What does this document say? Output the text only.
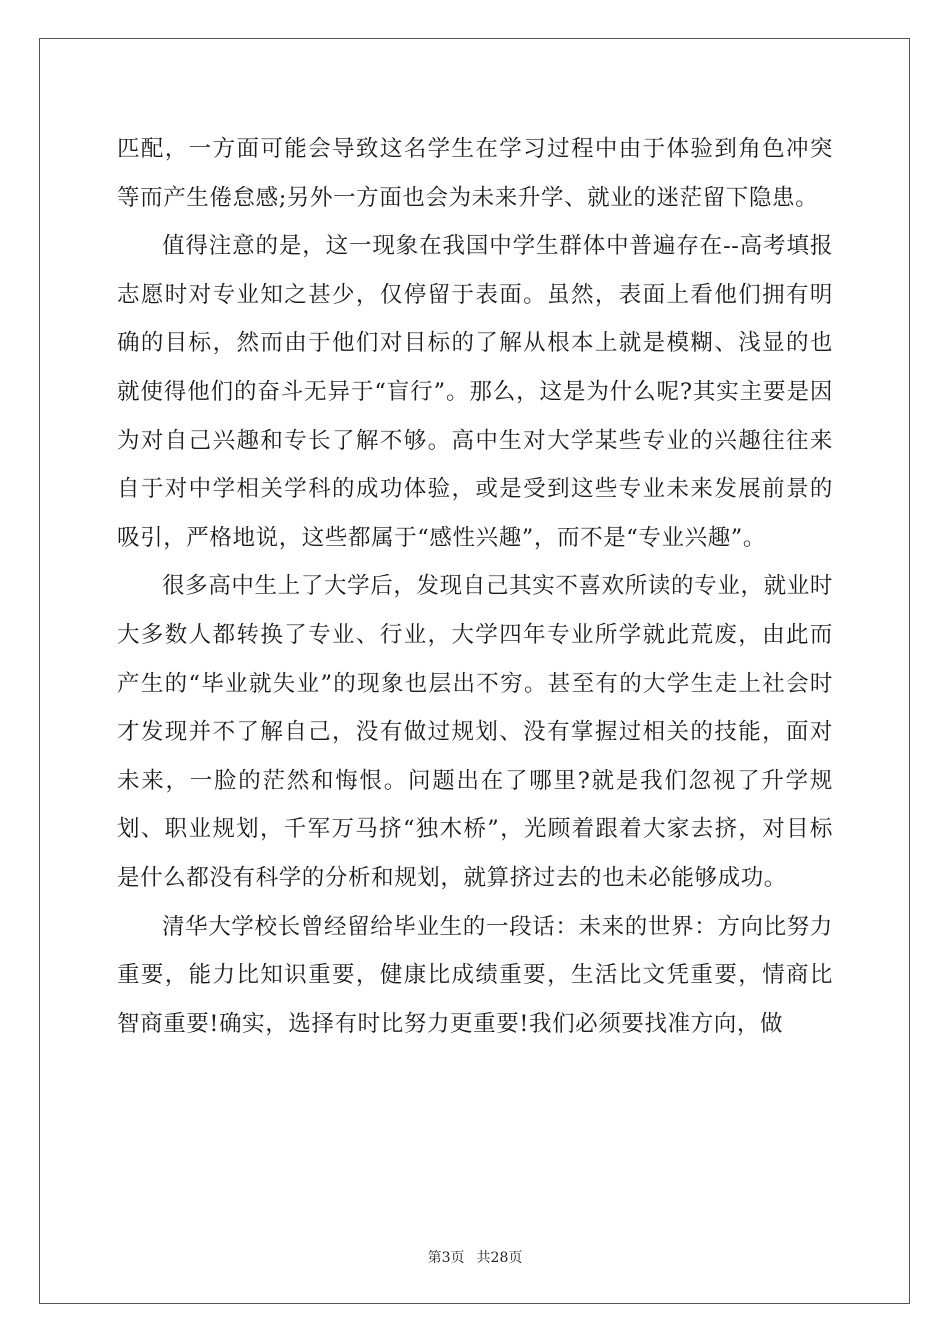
匹配，一方面可能会导致这名学生在学习过程中由于体验到角色冲突等而产生倦怠感;另外一方面也会为未来升学、就业的迷茫留下隐患。

值得注意的是，这一现象在我国中学生群体中普遍存在--高考填报志愿时对专业知之甚少，仅停留于表面。虽然，表面上看他们拥有明确的目标，然而由于他们对目标的了解从根本上就是模糊、浅显的也就使得他们的奋斗无异于“盲行”。那么，这是为什么呢?其实主要是因为对自己兴趣和专长了解不够。高中生对大学某些专业的兴趣往往来自于对中学相关学科的成功体验，或是受到这些专业未来发展前景的吸引，严格地说，这些都属于“感性兴趣”，而不是“专业兴趣”。

很多高中生上了大学后，发现自己其实不喜欢所读的专业，就业时大多数人都转换了专业、行业，大学四年专业所学就此荒废，由此而产生的“毕业就失业”的现象也层出不穷。甚至有的大学生走上社会时才发现并不了解自己，没有做过规划、没有掌握过相关的技能，面对未来，一脸的茫然和悔恨。问题出在了哪里?就是我们忽视了升学规划、职业规划，千军万马挤“独木桥”，光顾着跟着大家去挤，对目标是什么都没有科学的分析和规划，就算挤过去的也未必能够成功。

清华大学校长曾经留给毕业生的一段话：未来的世界：方向比努力重要，能力比知识重要，健康比成绩重要，生活比文凭重要，情商比智商重要!确实，选择有时比努力更重要!我们必须要找准方向，做

第3页 共28页
